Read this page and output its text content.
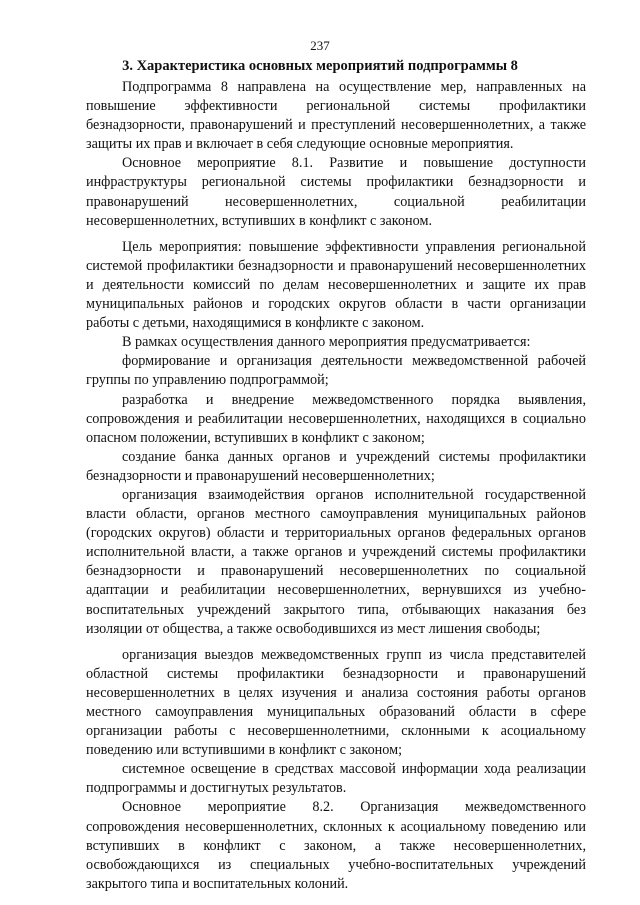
237
3. Характеристика основных мероприятий подпрограммы 8

Подпрограмма 8 направлена на осуществление мер, направленных на повышение эффективности региональной системы профилактики безнадзорности, правонарушений и преступлений несовершеннолетних, а также защиты их прав и включает в себя следующие основные мероприятия.

Основное мероприятие 8.1. Развитие и повышение доступности инфраструктуры региональной системы профилактики безнадзорности и правонарушений несовершеннолетних, социальной реабилитации несовершеннолетних, вступивших в конфликт с законом.

Цель мероприятия: повышение эффективности управления региональной системой профилактики безнадзорности и правонарушений несовершеннолетних и деятельности комиссий по делам несовершеннолетних и защите их прав муниципальных районов и городских округов области в части организации работы с детьми, находящимися в конфликте с законом.

В рамках осуществления данного мероприятия предусматривается:

формирование и организация деятельности межведомственной рабочей группы по управлению подпрограммой;

разработка и внедрение межведомственного порядка выявления, сопровождения и реабилитации несовершеннолетних, находящихся в социально опасном положении, вступивших в конфликт с законом;

создание банка данных органов и учреждений системы профилактики безнадзорности и правонарушений несовершеннолетних;

организация взаимодействия органов исполнительной государственной власти области, органов местного самоуправления муниципальных районов (городских округов) области и территориальных органов федеральных органов исполнительной власти, а также органов и учреждений системы профилактики безнадзорности и правонарушений несовершеннолетних по социальной адаптации и реабилитации несовершеннолетних, вернувшихся из учебно-воспитательных учреждений закрытого типа, отбывающих наказания без изоляции от общества, а также освободившихся из мест лишения свободы;

организация выездов межведомственных групп из числа представителей областной системы профилактики безнадзорности и правонарушений несовершеннолетних в целях изучения и анализа состояния работы органов местного самоуправления муниципальных образований области в сфере организации работы с несовершеннолетними, склонными к асоциальному поведению или вступившими в конфликт с законом;

системное освещение в средствах массовой информации хода реализации подпрограммы и достигнутых результатов.

Основное мероприятие 8.2. Организация межведомственного сопровождения несовершеннолетних, склонных к асоциальному поведению или вступивших в конфликт с законом, а также несовершеннолетних, освобождающихся из специальных учебно-воспитательных учреждений закрытого типа и воспитательных колоний.
